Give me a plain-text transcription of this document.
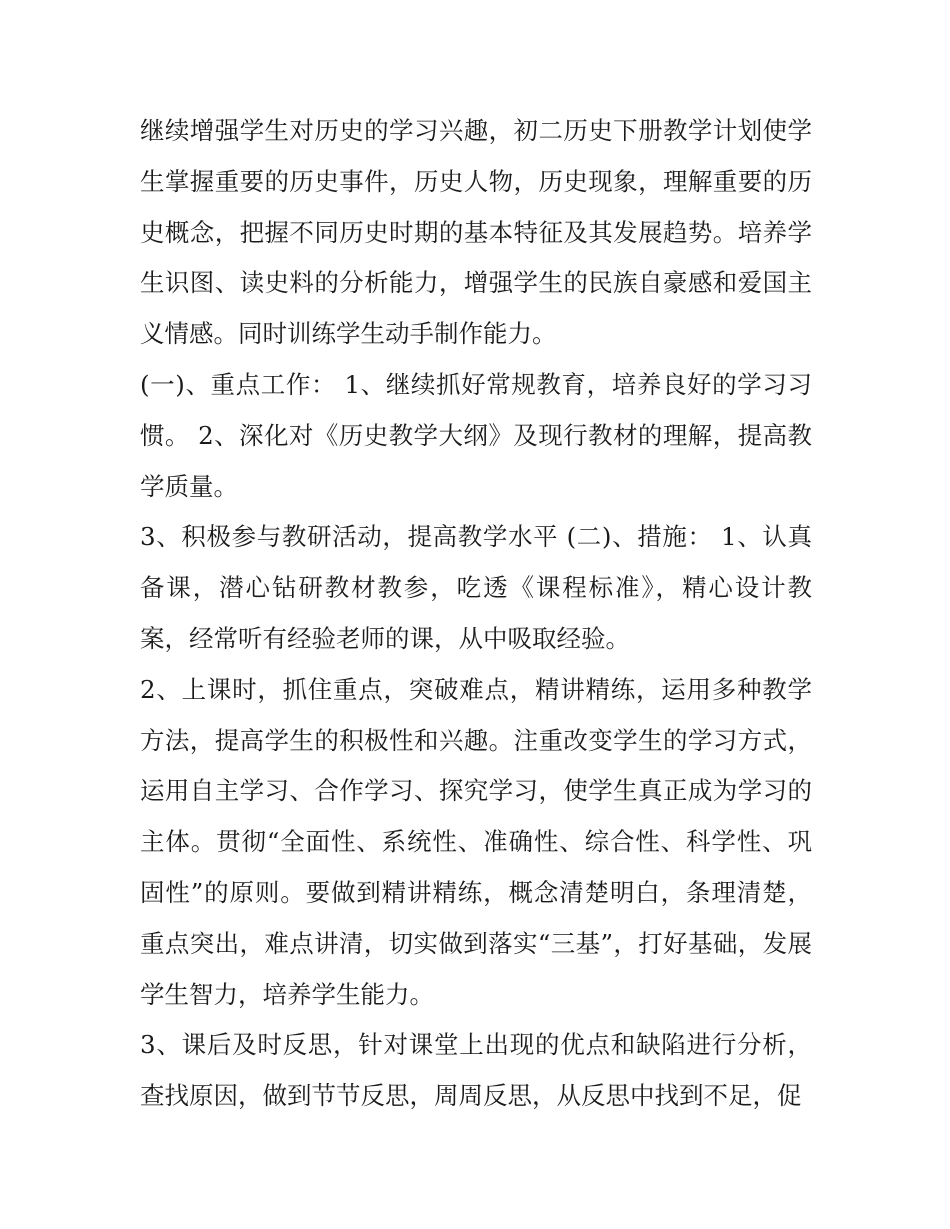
继续增强学生对历史的学习兴趣，初二历史下册教学计划使学生掌握重要的历史事件，历史人物，历史现象，理解重要的历史概念，把握不同历史时期的基本特征及其发展趋势。培养学生识图、读史料的分析能力，增强学生的民族自豪感和爱国主义情感。同时训练学生动手制作能力。

(一)、重点工作： 1、继续抓好常规教育，培养良好的学习习惯。 2、深化对《历史教学大纲》及现行教材的理解，提高教学质量。

3、积极参与教研活动，提高教学水平 (二)、措施： 1、认真备课，潜心钻研教材教参，吃透《课程标准》，精心设计教案，经常听有经验老师的课，从中吸取经验。

2、上课时，抓住重点，突破难点，精讲精练，运用多种教学方法，提高学生的积极性和兴趣。注重改变学生的学习方式，运用自主学习、合作学习、探究学习，使学生真正成为学习的主体。贯彻“全面性、系统性、准确性、综合性、科学性、巩固性”的原则。要做到精讲精练，概念清楚明白，条理清楚，重点突出，难点讲清，切实做到落实“三基”，打好基础，发展学生智力，培养学生能力。

3、课后及时反思，针对课堂上出现的优点和缺陷进行分析，查找原因，做到节节反思，周周反思，从反思中找到不足，促
